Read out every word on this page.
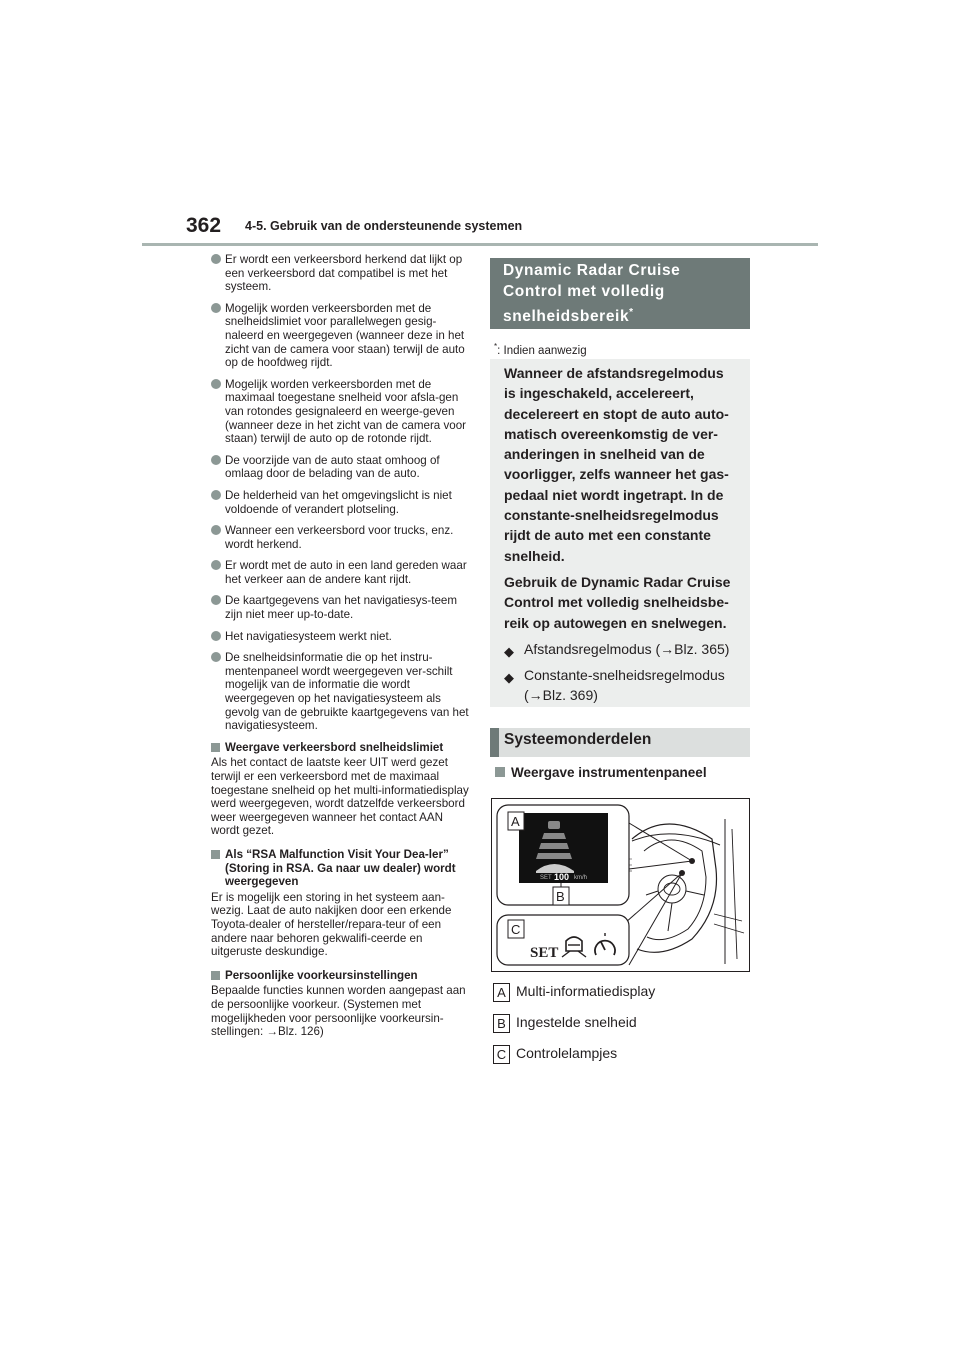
362 4-5. Gebruik van de ondersteunende systemen
Er wordt een verkeersbord herkend dat lijkt op een verkeersbord dat compatibel is met het systeem.
Mogelijk worden verkeersborden met de snelheidslimiet voor parallelwegen gesig-naleerd en weergegeven (wanneer deze in het zicht van de camera voor staan) terwijl de auto op de hoofdweg rijdt.
Mogelijk worden verkeersborden met de maximaal toegestane snelheid voor afsla-gen van rotondes gesignaleerd en weerge-geven (wanneer deze in het zicht van de camera voor staan) terwijl de auto op de rotonde rijdt.
De voorzijde van de auto staat omhoog of omlaag door de belading van de auto.
De helderheid van het omgevingslicht is niet voldoende of verandert plotseling.
Wanneer een verkeersbord voor trucks, enz. wordt herkend.
Er wordt met de auto in een land gereden waar het verkeer aan de andere kant rijdt.
De kaartgegevens van het navigatiesys-teem zijn niet meer up-to-date.
Het navigatiesysteem werkt niet.
De snelheidsinformatie die op het instru-mentenpaneel wordt weergegeven ver-schilt mogelijk van de informatie die wordt weergegeven op het navigatiesysteem als gevolg van de gebruikte kaartgegevens van het navigatiesysteem.
Weergave verkeersbord snelheidslimiet
Als het contact de laatste keer UIT werd gezet terwijl er een verkeersbord met de maximaal toegestane snelheid op het multi-informatiedisplay werd weergegeven, wordt datzelfde verkeersbord weer weergegeven wanneer het contact AAN wordt gezet.
Als “RSA Malfunction Visit Your Dea-ler” (Storing in RSA. Ga naar uw dealer) wordt weergegeven
Er is mogelijk een storing in het systeem aan-wezig. Laat de auto nakijken door een erkende Toyota-dealer of hersteller/repara-teur of een andere naar behoren gekwalifi-ceerde en uitgeruste deskundige.
Persoonlijke voorkeursinstellingen
Bepaalde functies kunnen worden aangepast aan de persoonlijke voorkeur. (Systemen met mogelijkheden voor persoonlijke voorkeursin-stellingen: →Blz. 126)
Dynamic Radar Cruise
Control met volledig
snelheidsbereik*
*: Indien aanwezig
Wanneer de afstandsregelmodus is ingeschakeld, accelereert, decelereert en stopt de auto auto-matisch overeenkomstig de ver-anderingen in snelheid van de voorligger, zelfs wanneer het gas-pedaal niet wordt ingetrapt. In de constante-snelheidsregelmodus rijdt de auto met een constante snelheid.
Gebruik de Dynamic Radar Cruise Control met volledig snelheidsbe-reik op autowegen en snelwegen.
◆ Afstandsregelmodus (→Blz. 365)
◆ Constante-snelheidsregelmodus (→Blz. 369)
Systeemonderdelen
Weergave instrumentenpaneel
SET 100 km/h
A
B
C
SET
A Multi-informatiedisplay
B Ingestelde snelheid
C Controlelampjes
